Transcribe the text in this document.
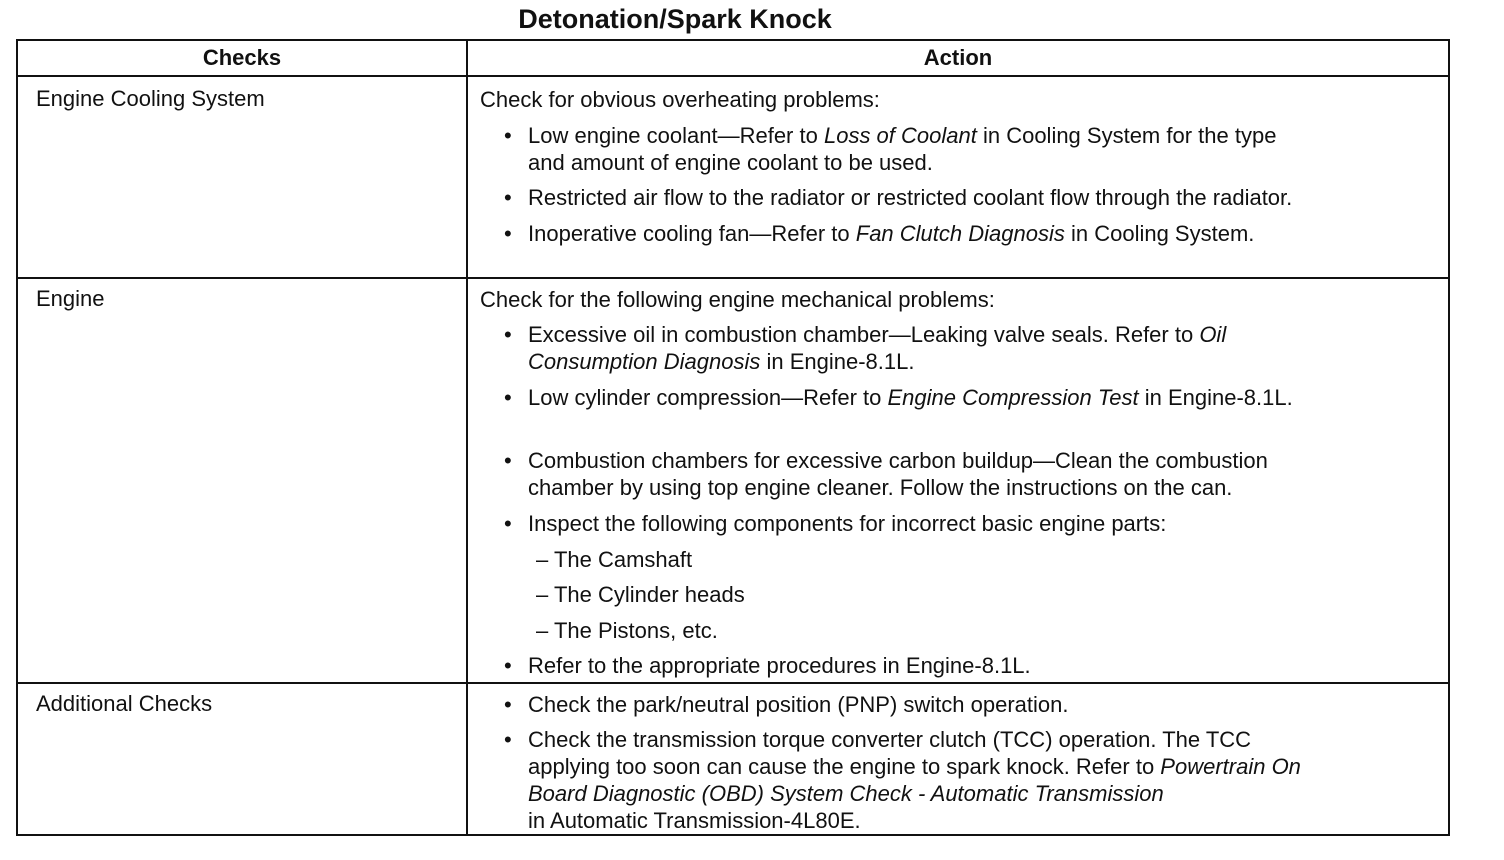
Detonation/Spark Knock
Checks	Action
Engine Cooling System	Check for obvious overheating problems:
• Low engine coolant—Refer to Loss of Coolant in Cooling System for the type
and amount of engine coolant to be used.
• Restricted air flow to the radiator or restricted coolant flow through the radiator.
• Inoperative cooling fan—Refer to Fan Clutch Diagnosis in Cooling System.
Engine	Check for the following engine mechanical problems:
• Excessive oil in combustion chamber—Leaking valve seals. Refer to Oil
Consumption Diagnosis in Engine-8.1L.
• Low cylinder compression—Refer to Engine Compression Test in Engine-8.1L.
• Combustion chambers for excessive carbon buildup—Clean the combustion
chamber by using top engine cleaner. Follow the instructions on the can.
• Inspect the following components for incorrect basic engine parts:
– The Camshaft
– The Cylinder heads
– The Pistons, etc.
• Refer to the appropriate procedures in Engine-8.1L.
Additional Checks	• Check the park/neutral position (PNP) switch operation.
• Check the transmission torque converter clutch (TCC) operation. The TCC
applying too soon can cause the engine to spark knock. Refer to Powertrain On
Board Diagnostic (OBD) System Check - Automatic Transmission
in Automatic Transmission-4L80E.
